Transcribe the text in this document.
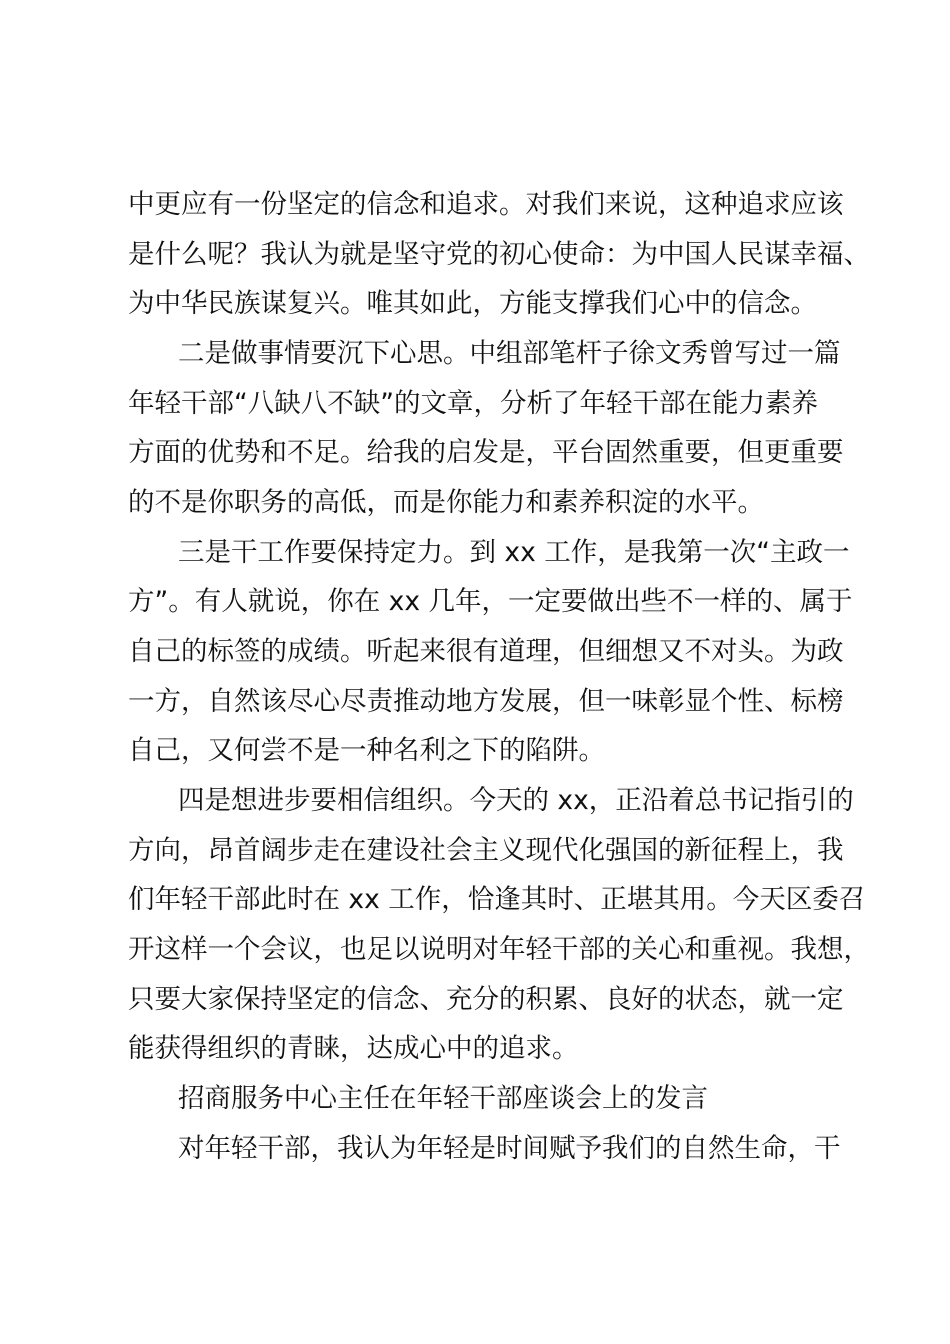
中更应有一份坚定的信念和追求。对我们来说，这种追求应该
是什么呢？我认为就是坚守党的初心使命：为中国人民谋幸福、
为中华民族谋复兴。唯其如此，方能支撑我们心中的信念。
二是做事情要沉下心思。中组部笔杆子徐文秀曾写过一篇
年轻干部“八缺八不缺”的文章，分析了年轻干部在能力素养
方面的优势和不足。给我的启发是，平台固然重要，但更重要
的不是你职务的高低，而是你能力和素养积淀的水平。
三是干工作要保持定力。到 xx 工作，是我第一次“主政一
方”。有人就说，你在 xx 几年，一定要做出些不一样的、属于
自己的标签的成绩。听起来很有道理，但细想又不对头。为政
一方，自然该尽心尽责推动地方发展，但一味彰显个性、标榜
自己，又何尝不是一种名利之下的陷阱。
四是想进步要相信组织。今天的 xx，正沿着总书记指引的
方向，昂首阔步走在建设社会主义现代化强国的新征程上，我
们年轻干部此时在 xx 工作，恰逢其时、正堪其用。今天区委召
开这样一个会议，也足以说明对年轻干部的关心和重视。我想，
只要大家保持坚定的信念、充分的积累、良好的状态，就一定
能获得组织的青睐，达成心中的追求。
招商服务中心主任在年轻干部座谈会上的发言
对年轻干部，我认为年轻是时间赋予我们的自然生命，干
